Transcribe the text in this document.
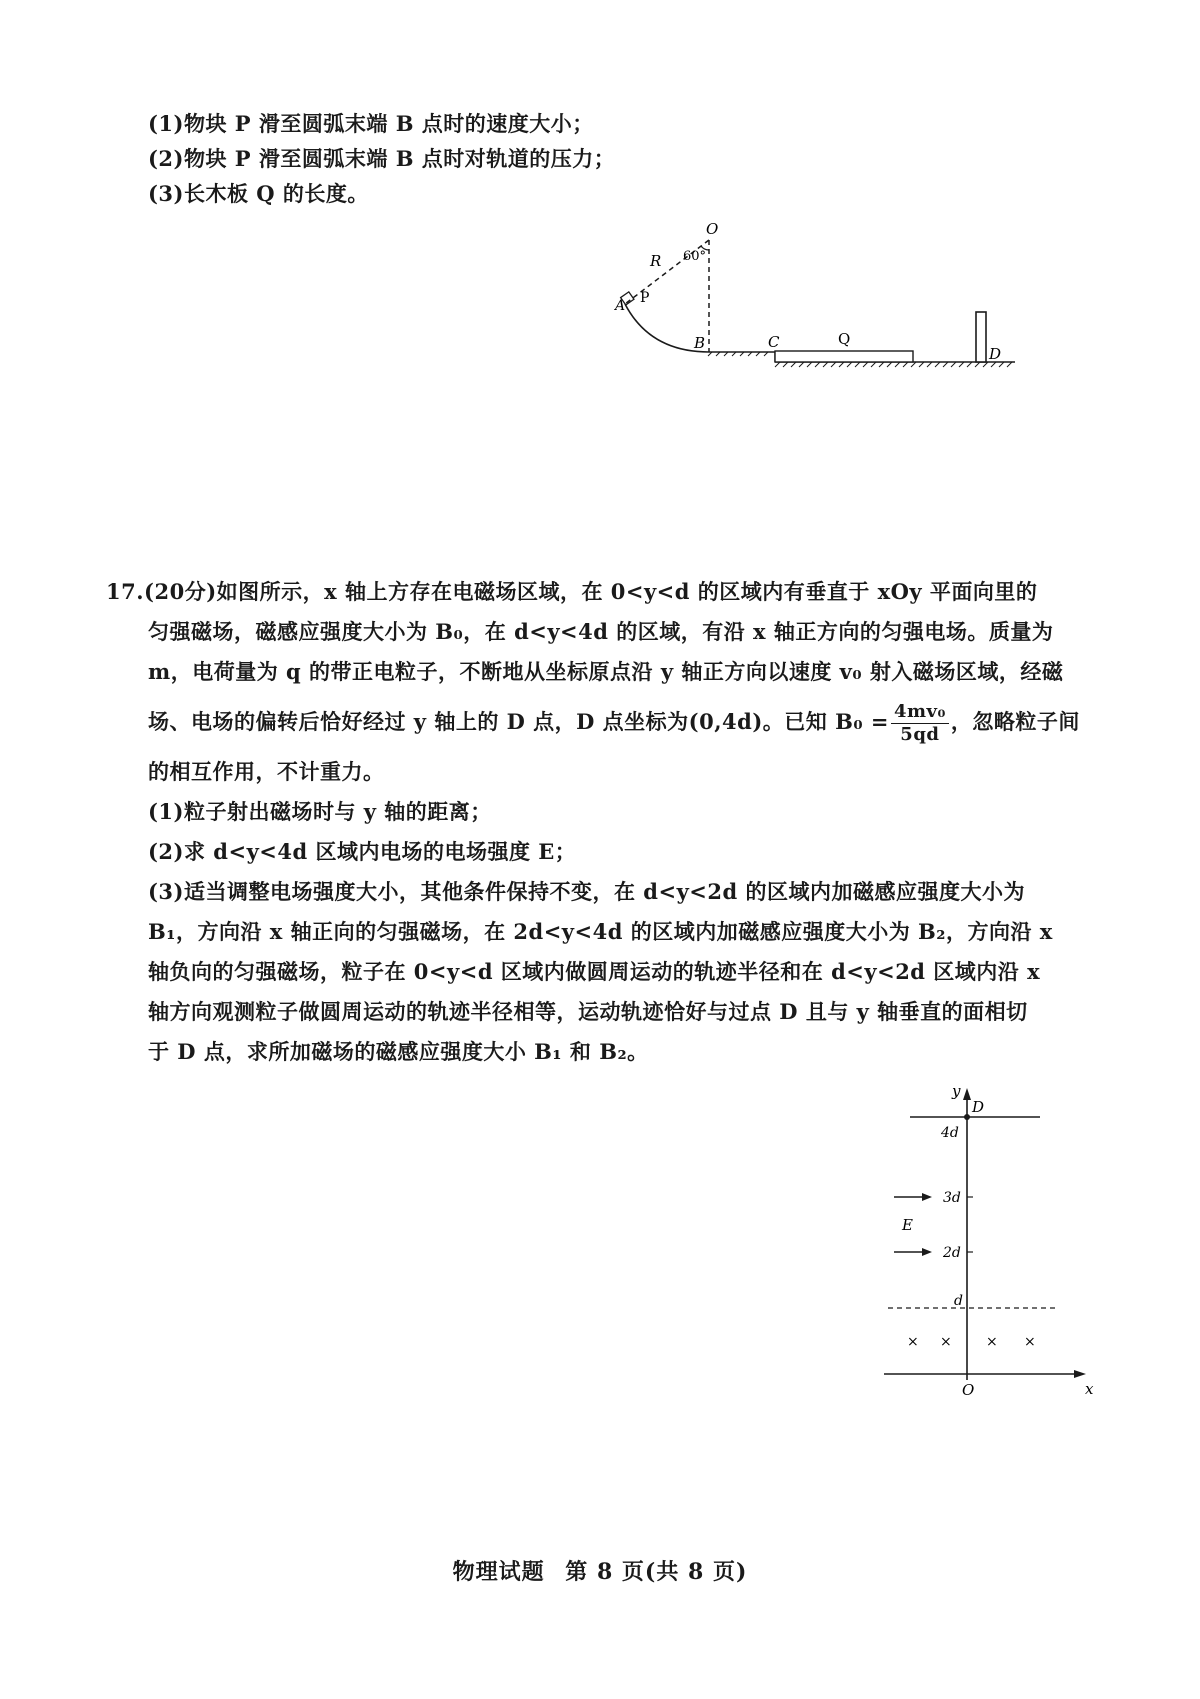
(1)物块 P 滑至圆弧末端 B 点时的速度大小；

(2)物块 P 滑至圆弧末端 B 点时对轨道的压力；

(3)长木板 Q 的长度。

O
R 60°
A P
B	C	Q
D
17.(20分)如图所示，x 轴上方存在电磁场区域，在 0<y<d 的区域内有垂直于 xOy 平面向里的
匀强磁场，磁感应强度大小为 B₀，在 d<y<4d 的区域，有沿 x 轴正方向的匀强电场。质量为
m，电荷量为 q 的带正电粒子，不断地从坐标原点沿 y 轴正方向以速度 v₀ 射入磁场区域，经磁
场、电场的偏转后恰好经过 y 轴上的 D 点，D 点坐标为(0,4d)。已知 $B_0 = \frac{\text{4mv₀}}{5qd}$ ，忽略粒子间
的相互作用，不计重力。
(1)粒子射出磁场时与 y 轴的距离；
(2)求 d<y<4d 区域内电场的电场强度 E；
(3)适当调整电场强度大小，其他条件保持不变，在 d<y<2d 的区域内加磁感应强度大小为
B₁，方向沿 x 轴正向的匀强磁场，在 2d<y<4d 的区域内加磁感应强度大小为 B₂，方向沿 x
轴负向的匀强磁场，粒子在 0<y<d 区域内做圆周运动的轨迹半径和在 d<y<2d 区域内沿 x
轴方向观测粒子做圆周运动的轨迹半径相等，运动轨迹恰好与过点 D 且与 y 轴垂直的面相切
于 D 点，求所加磁场的磁感应强度大小 B₁ 和 B₂。
y
x
O
D
4d
3d
2d
d
E
× × × ×
物理试题 第 8 页(共 8 页)
